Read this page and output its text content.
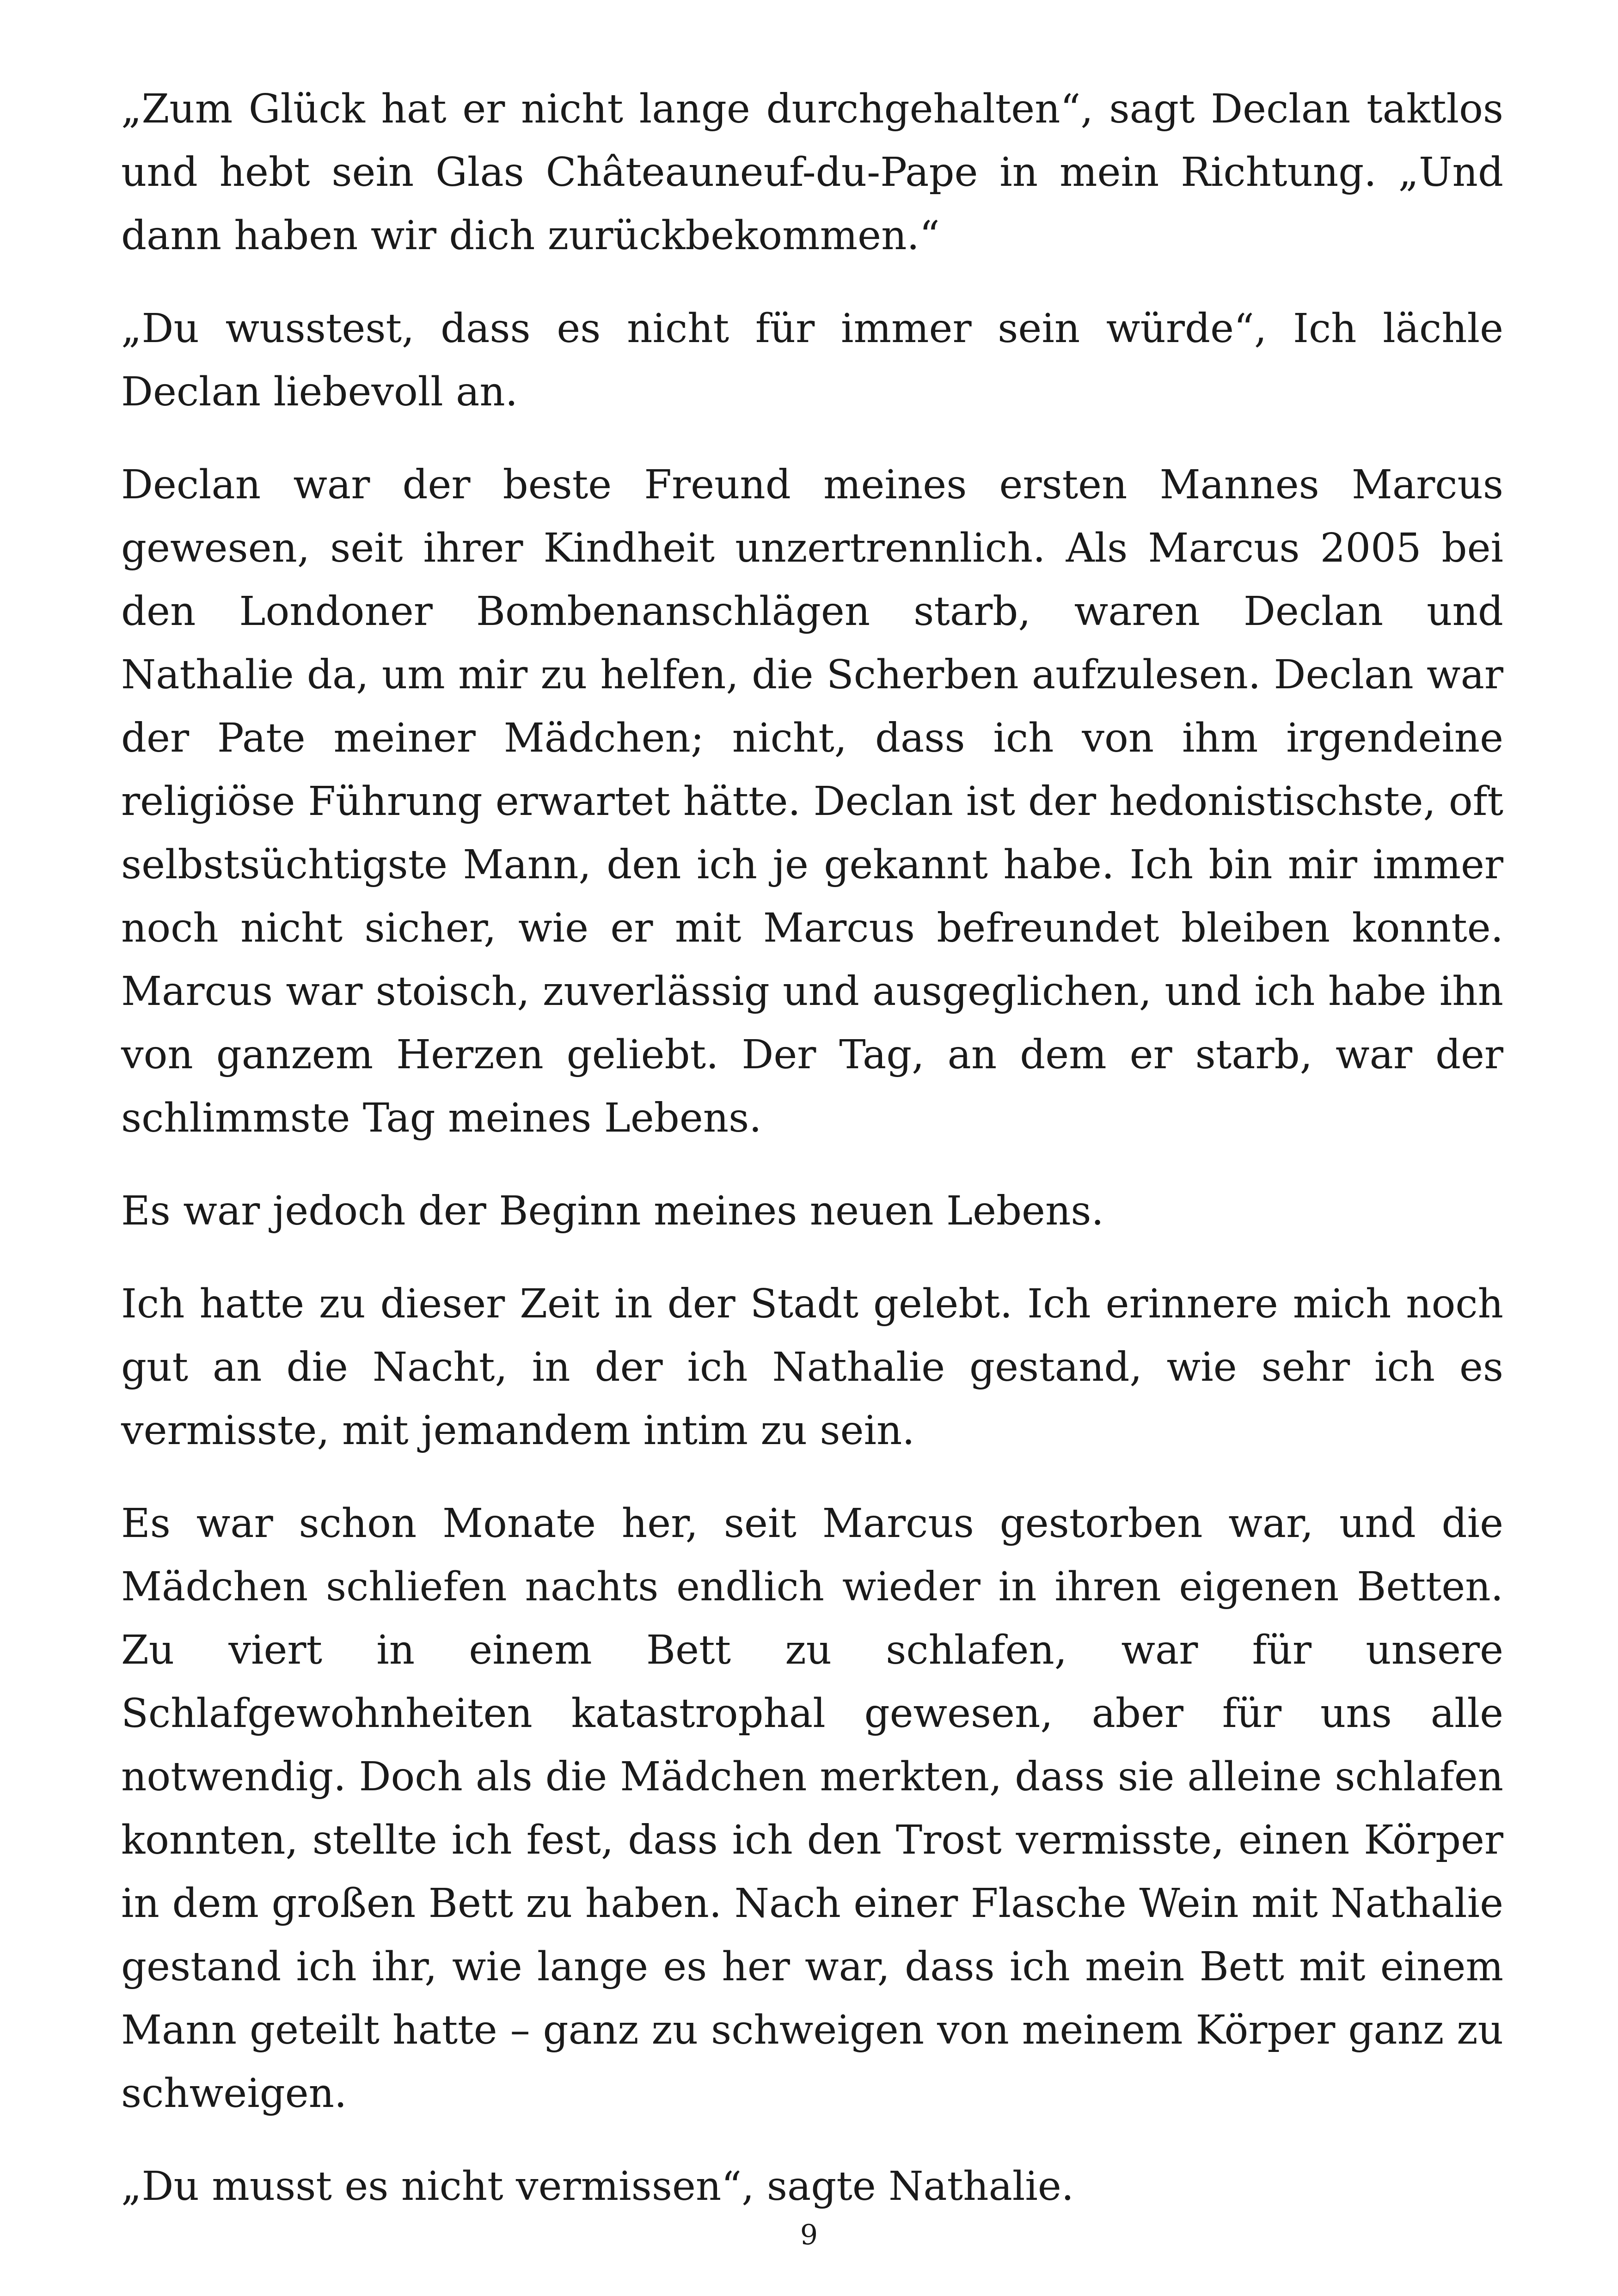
„Zum Glück hat er nicht lange durchgehalten“, sagt Declan taktlos und hebt sein Glas Châteauneuf-du-Pape in mein Richtung. „Und dann haben wir dich zurückbekommen.“

„Du wusstest, dass es nicht für immer sein würde“, Ich lächle Declan liebevoll an.

Declan war der beste Freund meines ersten Mannes Marcus gewesen, seit ihrer Kindheit unzertrennlich. Als Marcus 2005 bei den Londoner Bombenanschlägen starb, waren Declan und Nathalie da, um mir zu helfen, die Scherben aufzulesen. Declan war der Pate meiner Mädchen; nicht, dass ich von ihm irgendeine religiöse Führung erwartet hätte. Declan ist der hedonistischste, oft selbstsüchtigste Mann, den ich je gekannt habe. Ich bin mir immer noch nicht sicher, wie er mit Marcus befreundet bleiben konnte. Marcus war stoisch, zuverlässig und ausgeglichen, und ich habe ihn von ganzem Herzen geliebt. Der Tag, an dem er starb, war der schlimmste Tag meines Lebens.

Es war jedoch der Beginn meines neuen Lebens.

Ich hatte zu dieser Zeit in der Stadt gelebt. Ich erinnere mich noch gut an die Nacht, in der ich Nathalie gestand, wie sehr ich es vermisste, mit jemandem intim zu sein.

Es war schon Monate her, seit Marcus gestorben war, und die Mädchen schliefen nachts endlich wieder in ihren eigenen Betten. Zu viert in einem Bett zu schlafen, war für unsere Schlafgewohnheiten katastrophal gewesen, aber für uns alle notwendig. Doch als die Mädchen merkten, dass sie alleine schlafen konnten, stellte ich fest, dass ich den Trost vermisste, einen Körper in dem großen Bett zu haben. Nach einer Flasche Wein mit Nathalie gestand ich ihr, wie lange es her war, dass ich mein Bett mit einem Mann geteilt hatte – ganz zu schweigen von meinem Körper ganz zu schweigen.

„Du musst es nicht vermissen“, sagte Nathalie.

9
